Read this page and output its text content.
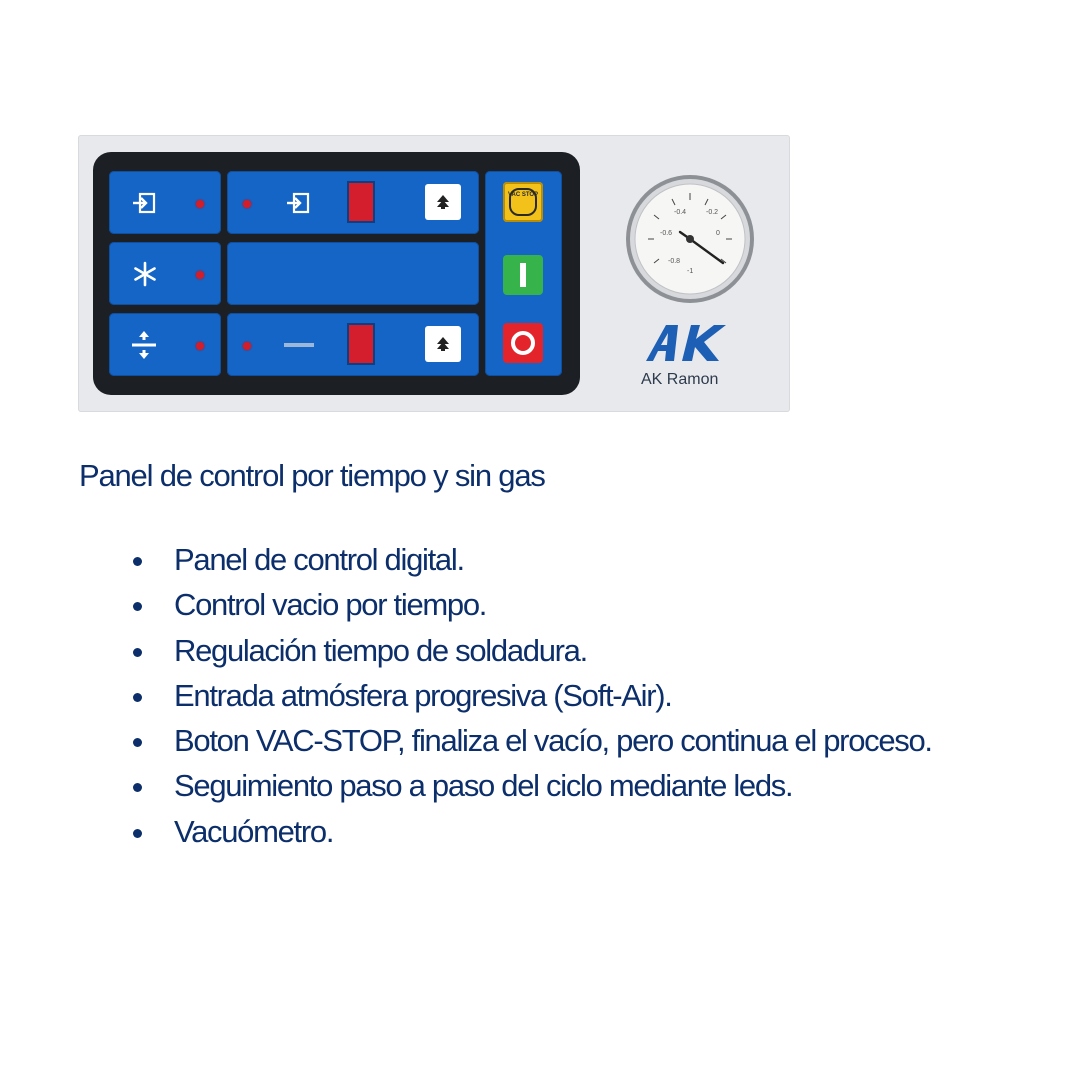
VAC STOP
-0.4
-0.6
-0.8
-1
-0.2
0
AK
AK Ramon
Panel de control por tiempo y sin gas
Panel de control digital.
Control vacio por tiempo.
Regulación tiempo de soldadura.
Entrada atmósfera progresiva (Soft-Air).
Boton VAC-STOP, finaliza el vacío, pero continua el proceso.
Seguimiento paso a paso del ciclo mediante leds.
Vacuómetro.
